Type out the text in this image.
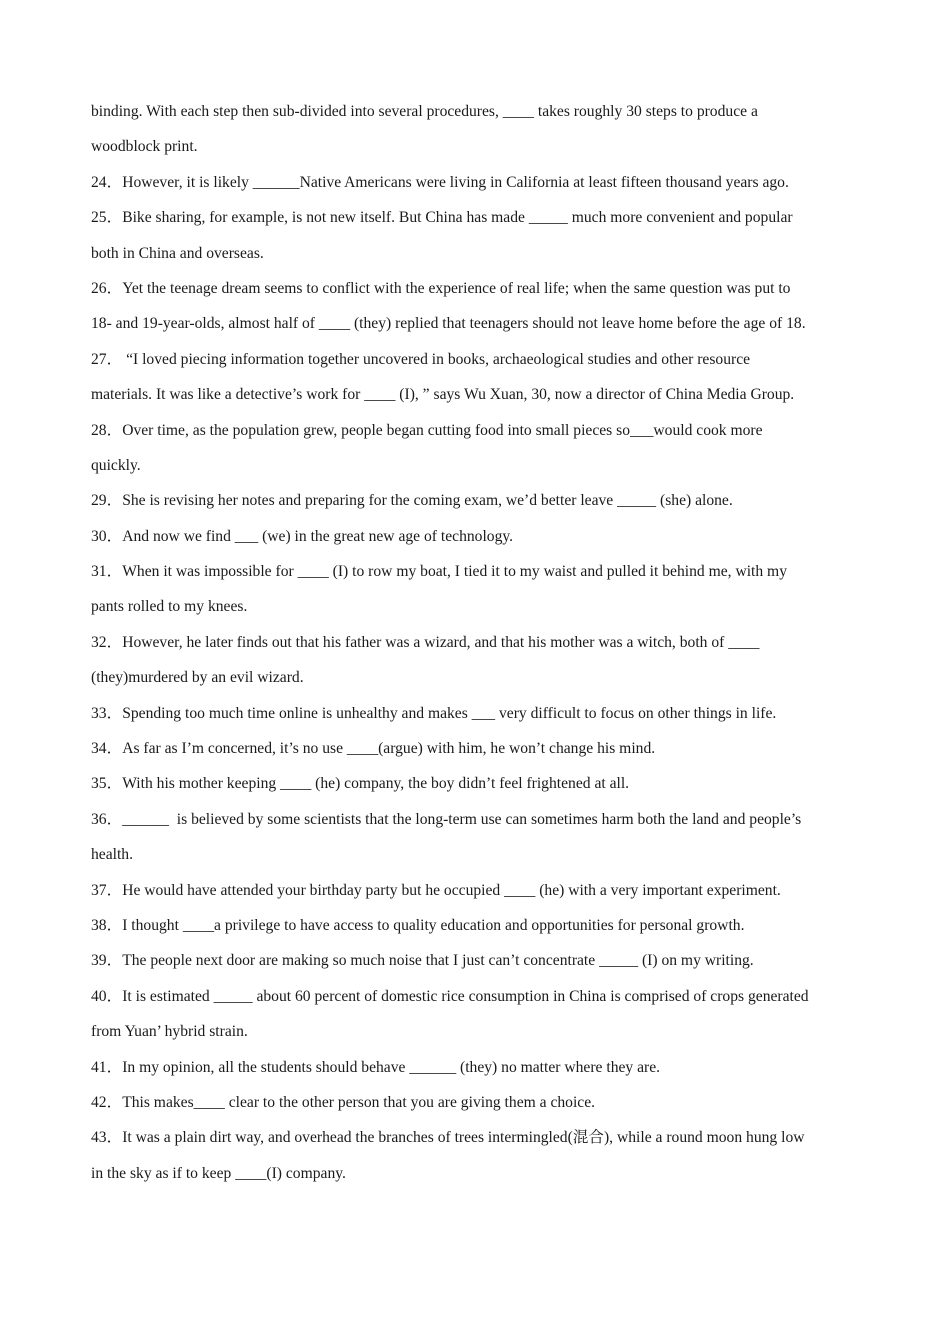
binding. With each step then sub-divided into several procedures, ____ takes roughly 30 steps to produce a
woodblock print.
24．However, it is likely ______Native Americans were living in California at least fifteen thousand years ago.
25．Bike sharing, for example, is not new itself. But China has made _____ much more convenient and popular
both in China and overseas.
26．Yet the teenage dream seems to conflict with the experience of real life; when the same question was put to
18- and 19-year-olds, almost half of ____ (they) replied that teenagers should not leave home before the age of 18.
27． “I loved piecing information together uncovered in books, archaeological studies and other resource
materials. It was like a detective’s work for ____ (I), ” says Wu Xuan, 30, now a director of China Media Group.
28．Over time, as the population grew, people began cutting food into small pieces so___would cook more
quickly.
29．She is revising her notes and preparing for the coming exam, we’d better leave _____ (she) alone.
30．And now we find ___ (we) in the great new age of technology.
31．When it was impossible for ____ (I) to row my boat, I tied it to my waist and pulled it behind me, with my
pants rolled to my knees.
32．However, he later finds out that his father was a wizard, and that his mother was a witch, both of ____
(they)murdered by an evil wizard.
33．Spending too much time online is unhealthy and makes ___ very difficult to focus on other things in life.
34．As far as I’m concerned, it’s no use ____(argue) with him, he won’t change his mind.
35．With his mother keeping ____ (he) company, the boy didn’t feel frightened at all.
36．______  is believed by some scientists that the long-term use can sometimes harm both the land and people’s
health.
37．He would have attended your birthday party but he occupied ____ (he) with a very important experiment.
38．I thought ____a privilege to have access to quality education and opportunities for personal growth.
39．The people next door are making so much noise that I just can’t concentrate _____ (I) on my writing.
40．It is estimated _____ about 60 percent of domestic rice consumption in China is comprised of crops generated
from Yuan’ hybrid strain.
41．In my opinion, all the students should behave ______ (they) no matter where they are.
42．This makes____ clear to the other person that you are giving them a choice.
43．It was a plain dirt way, and overhead the branches of trees intermingled(混合), while a round moon hung low
in the sky as if to keep ____(I) company.
